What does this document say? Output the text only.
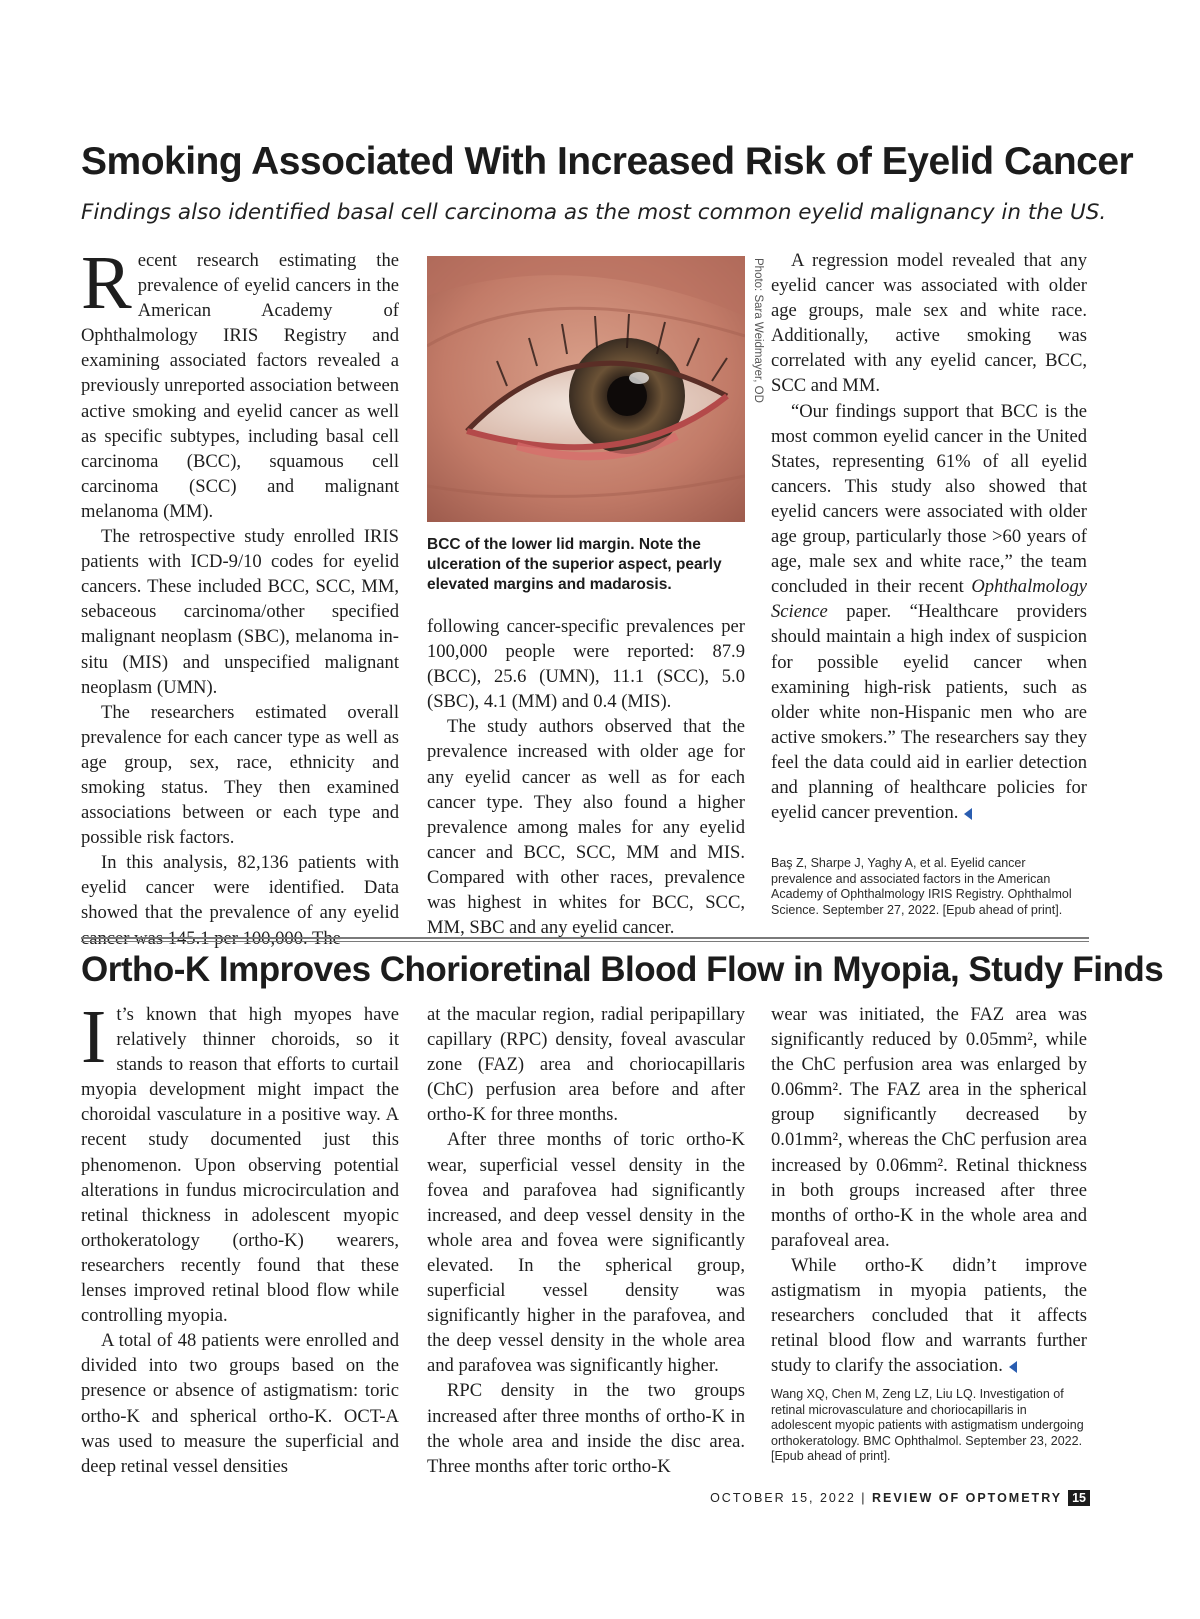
Smoking Associated With Increased Risk of Eyelid Cancer
Findings also identified basal cell carcinoma as the most common eyelid malignancy in the US.

Recent research estimating the prevalence of eyelid cancers in the American Academy of Ophthalmology IRIS Registry and examining associated factors revealed a previously unreported association between active smoking and eyelid cancer as well as specific subtypes, including basal cell carcinoma (BCC), squamous cell carcinoma (SCC) and malignant melanoma (MM).

The retrospective study enrolled IRIS patients with ICD-9/10 codes for eyelid cancers. These included BCC, SCC, MM, sebaceous carcinoma/other specified malignant neoplasm (SBC), melanoma in-situ (MIS) and unspecified malignant neoplasm (UMN).

The researchers estimated overall prevalence for each cancer type as well as age group, sex, race, ethnicity and smoking status. They then examined associations between or each type and possible risk factors.

In this analysis, 82,136 patients with eyelid cancer were identified. Data showed that the prevalence of any eyelid cancer was 145.1 per 100,000. The

Photo: Sara Weidmayer, OD
BCC of the lower lid margin. Note the ulceration of the superior aspect, pearly elevated margins and madarosis.

following cancer-specific prevalences per 100,000 people were reported: 87.9 (BCC), 25.6 (UMN), 11.1 (SCC), 5.0 (SBC), 4.1 (MM) and 0.4 (MIS).

The study authors observed that the prevalence increased with older age for any eyelid cancer as well as for each cancer type. They also found a higher prevalence among males for any eyelid cancer and BCC, SCC, MM and MIS. Compared with other races, prevalence was highest in whites for BCC, SCC, MM, SBC and any eyelid cancer.

A regression model revealed that any eyelid cancer was associated with older age groups, male sex and white race. Additionally, active smoking was correlated with any eyelid cancer, BCC, SCC and MM.

“Our findings support that BCC is the most common eyelid cancer in the United States, representing 61% of all eyelid cancers. This study also showed that eyelid cancers were associated with older age group, particularly those >60 years of age, male sex and white race,” the team concluded in their recent Ophthalmology Science paper. “Healthcare providers should maintain a high index of suspicion for possible eyelid cancer when examining high-risk patients, such as older white non-Hispanic men who are active smokers.” The researchers say they feel the data could aid in earlier detection and planning of healthcare policies for eyelid cancer prevention.

Baş Z, Sharpe J, Yaghy A, et al. Eyelid cancer prevalence and associated factors in the American Academy of Ophthalmology IRIS Registry. Ophthalmol Science. September 27, 2022. [Epub ahead of print].
Ortho-K Improves Chorioretinal Blood Flow in Myopia, Study Finds

It’s known that high myopes have relatively thinner choroids, so it stands to reason that efforts to curtail myopia development might impact the choroidal vasculature in a positive way. A recent study documented just this phenomenon. Upon observing potential alterations in fundus microcirculation and retinal thickness in adolescent myopic orthokeratology (ortho-K) wearers, researchers recently found that these lenses improved retinal blood flow while controlling myopia.

A total of 48 patients were enrolled and divided into two groups based on the presence or absence of astigmatism: toric ortho-K and spherical ortho-K. OCT-A was used to measure the superficial and deep retinal vessel densities

at the macular region, radial peripapillary capillary (RPC) density, foveal avascular zone (FAZ) area and choriocapillaris (ChC) perfusion area before and after ortho-K for three months.

After three months of toric ortho-K wear, superficial vessel density in the fovea and parafovea had significantly increased, and deep vessel density in the whole area and fovea were significantly elevated. In the spherical group, superficial vessel density was significantly higher in the parafovea, and the deep vessel density in the whole area and parafovea was significantly higher.

RPC density in the two groups increased after three months of ortho-K in the whole area and inside the disc area. Three months after toric ortho-K

wear was initiated, the FAZ area was significantly reduced by 0.05mm², while the ChC perfusion area was enlarged by 0.06mm². The FAZ area in the spherical group significantly decreased by 0.01mm², whereas the ChC perfusion area increased by 0.06mm². Retinal thickness in both groups increased after three months of ortho-K in the whole area and parafoveal area.

While ortho-K didn’t improve astigmatism in myopia patients, the researchers concluded that it affects retinal blood flow and warrants further study to clarify the association.

Wang XQ, Chen M, Zeng LZ, Liu LQ. Investigation of retinal microvasculature and choriocapillaris in adolescent myopic patients with astigmatism undergoing orthokeratology. BMC Ophthalmol. September 23, 2022. [Epub ahead of print].
OCTOBER 15, 2022 | REVIEW OF OPTOMETRY 15
